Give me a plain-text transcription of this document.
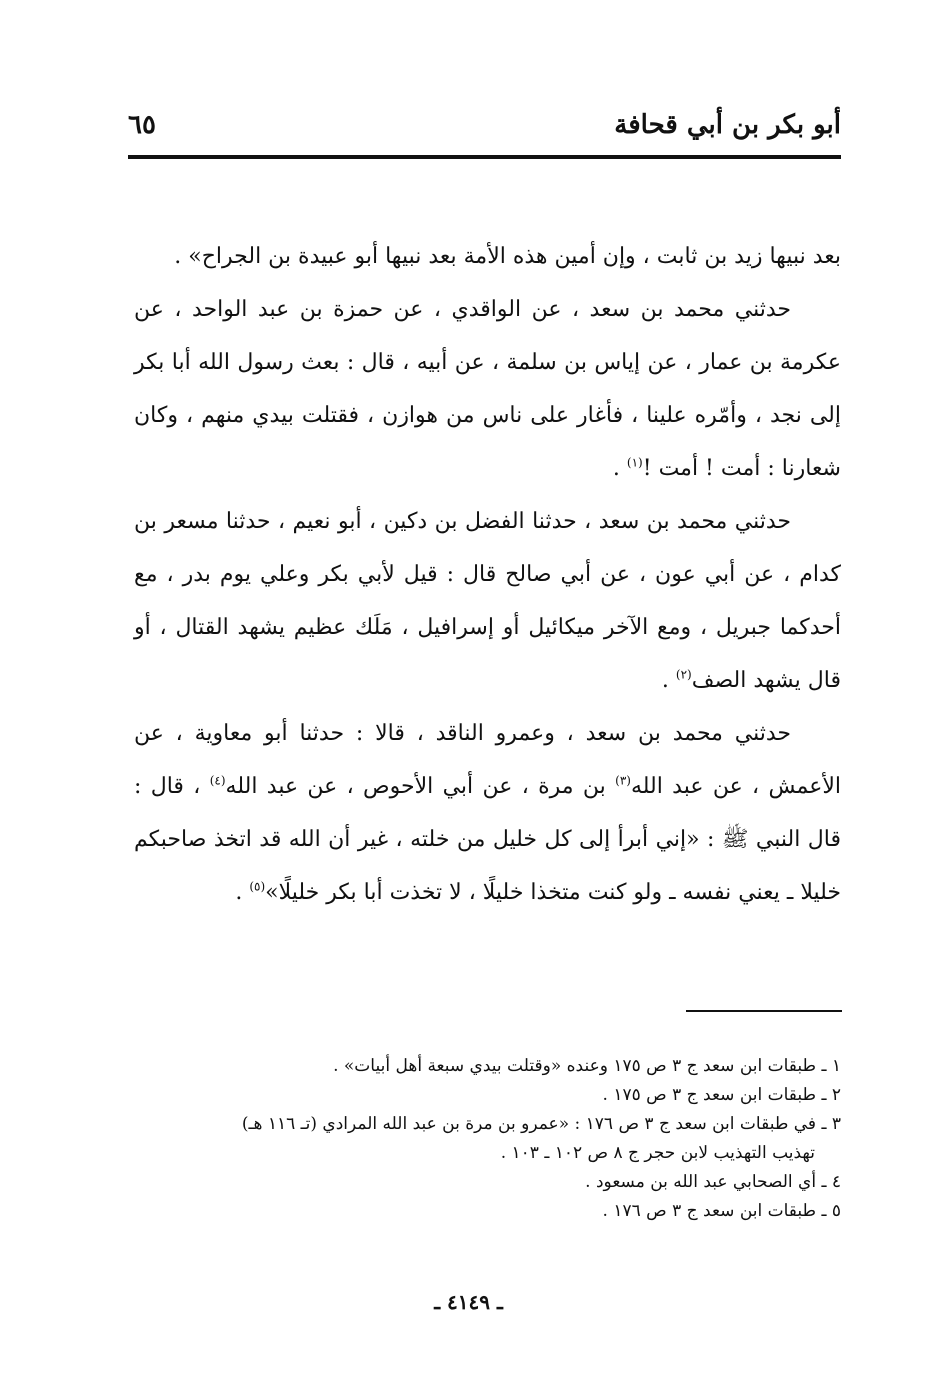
أبو بكر بن أبي قحافة
٦٥

بعد نبيها زيد بن ثابت ، وإن أمين هذه الأمة بعد نبيها أبو عبيدة بن الجراح» .

حدثني محمد بن سعد ، عن الواقدي ، عن حمزة بن عبد الواحد ، عن عكرمة بن عمار ، عن إياس بن سلمة ، عن أبيه ، قال : بعث رسول الله أبا بكر إلى نجد ، وأمّره علينا ، فأغار على ناس من هوازن ، فقتلت بيدي منهم ، وكان شعارنا : أمت ! أمت !$^{(١)}$ .

حدثني محمد بن سعد ، حدثنا الفضل بن دكين ، أبو نعيم ، حدثنا مسعر بن كدام ، عن أبي عون ، عن أبي صالح قال : قيل لأبي بكر وعلي يوم بدر ، مع أحدكما جبريل ، ومع الآخر ميكائيل أو إسرافيل ، مَلَك عظيم يشهد القتال ، أو قال يشهد الصف$^{(٢)}$ .

حدثني محمد بن سعد ، وعمرو الناقد ، قالا : حدثنا أبو معاوية ، عن الأعمش ، عن عبد الله$^{(٣)}$ بن مرة ، عن أبي الأحوص ، عن عبد الله$^{(٤)}$ ، قال : قال النبي ﷺ : «إني أبرأ إلى كل خليل من خلته ، غير أن الله قد اتخذ صاحبكم خليلا ـ يعني نفسه ـ ولو كنت متخذا خليلًا ، لا تخذت أبا بكر خليلًا»$^{(٥)}$ .

١ ـ طبقات ابن سعد ج ٣ ص ١٧٥ وعنده «وقتلت بيدي سبعة أهل أبيات» .

٢ ـ طبقات ابن سعد ج ٣ ص ١٧٥ .

٣ ـ في طبقات ابن سعد ج ٣ ص ١٧٦ : «عمرو بن مرة بن عبد الله المرادي (تـ ١١٦ هـ)

تهذيب التهذيب لابن حجر ج ٨ ص ١٠٢ ـ ١٠٣ .

٤ ـ أي الصحابي عبد الله بن مسعود .

٥ ـ طبقات ابن سعد ج ٣ ص ١٧٦ .

ـ ٤١٤٩ ـ
